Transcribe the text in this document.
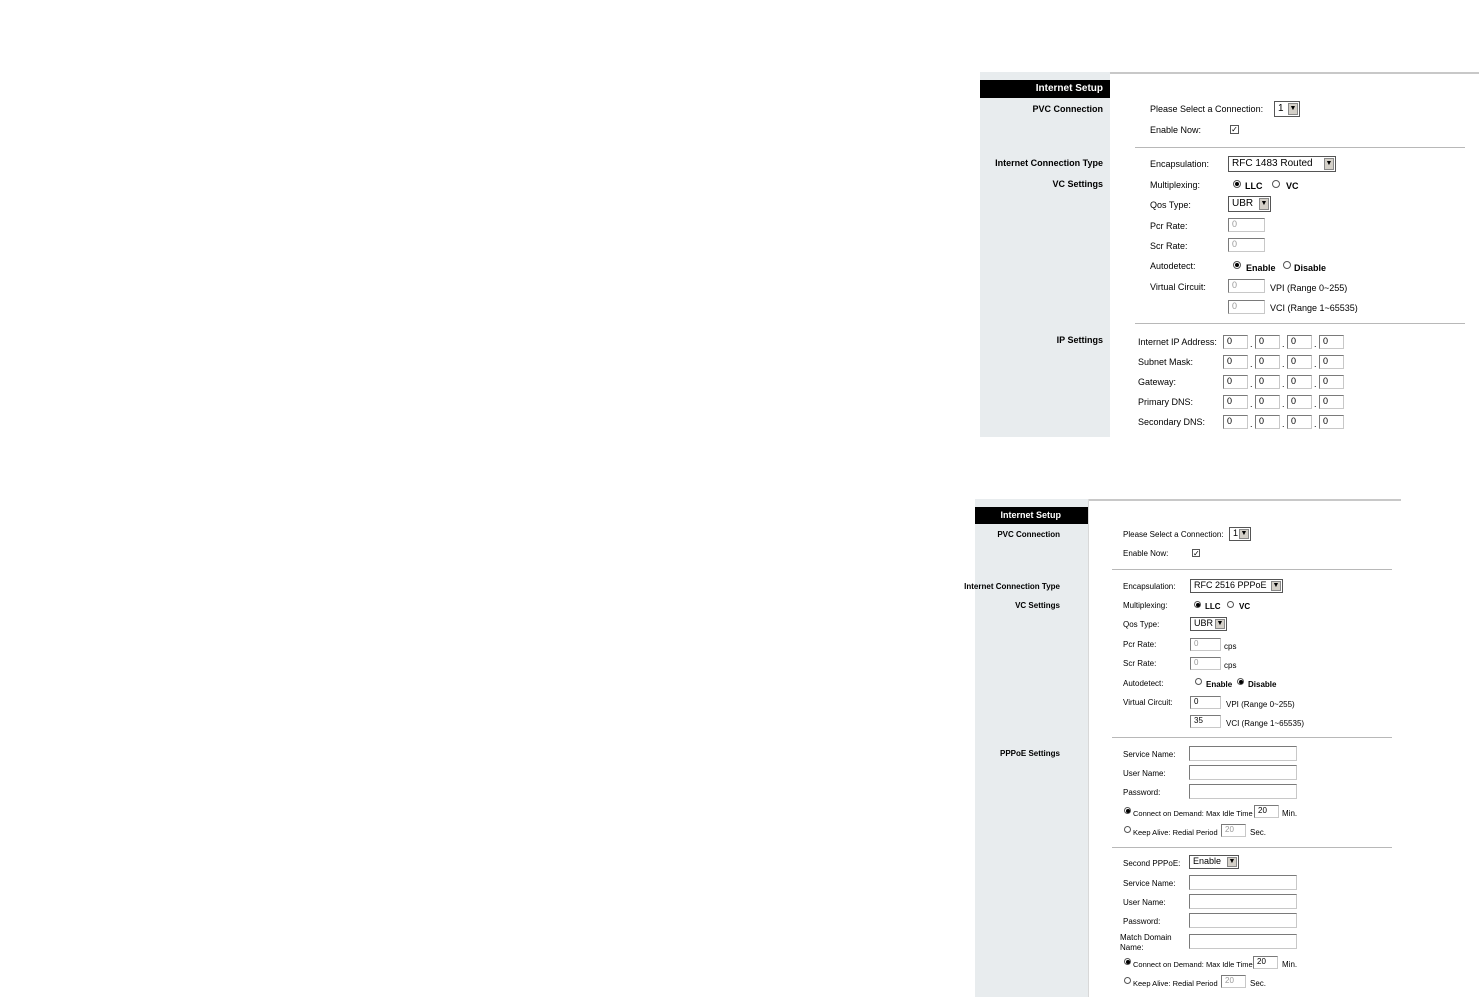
Internet Setup
PVC Connection
Internet Connection Type
VC Settings
IP Settings
Please Select a Connection:	1 ▼
Enable Now:	✓
Encapsulation:	RFC 1483 Routed ▼
Multiplexing:	LLC	VC
Qos Type:	UBR ▼
Pcr Rate:	0
Scr Rate:	0
Autodetect:	Enable Disable
Virtual Circuit:	0	VPI (Range 0~255)
0	VCI (Range 1~65535)
Internet IP Address:	0	. 0	. 0	. 0
Subnet Mask:	0	. 0	. 0	. 0
Gateway:	0	. 0	. 0	. 0
Primary DNS:	0	. 0	. 0	. 0
Secondary DNS:	0	. 0	. 0	. 0
Internet Setup
PVC Connection
Internet Connection Type
VC Settings
PPPoE Settings
Please Select a Connection:	1 ▼
Enable Now:	✓
Encapsulation:	RFC 2516 PPPoE ▼
Multiplexing:	LLC VC
Qos Type:	UBR ▼
Pcr Rate:	0	cps
Scr Rate:	0	cps
Autodetect:	Enable Disable
Virtual Circuit:	0	VPI (Range 0~255)
35	VCI (Range 1~65535)
Service Name:
User Name:
Password:
Connect on Demand: Max Idle Time 20	Min.
Keep Alive: Redial Period 20	Sec.
Second PPPoE:	Enable ▼
Service Name:
User Name:
Password:
Match Domain Name:
Connect on Demand: Max Idle Time 20	Min.
Keep Alive: Redial Period 20	Sec.
